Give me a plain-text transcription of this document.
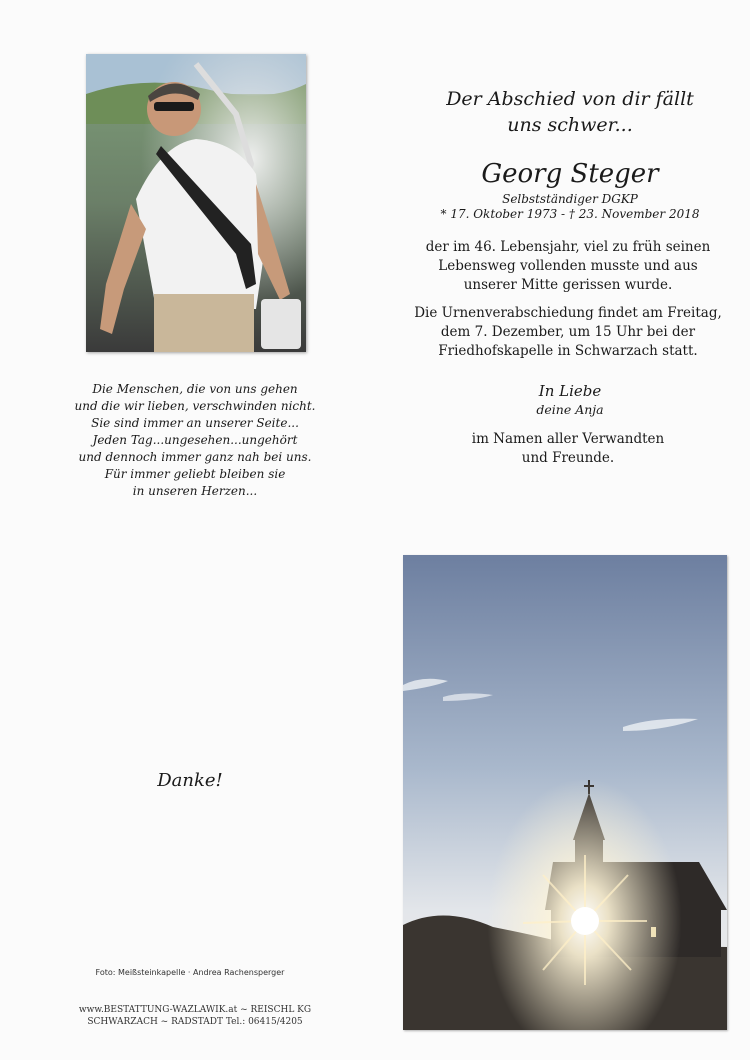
Der Abschied von dir fällt
uns schwer...
Georg Steger
Selbstständiger DGKP
* 17. Oktober 1973 - † 23. November 2018
der im 46. Lebensjahr, viel zu früh seinen
Lebensweg vollenden musste und aus
unserer Mitte gerissen wurde.
Die Urnenverabschiedung findet am Freitag,
dem 7. Dezember, um 15 Uhr bei der
Friedhofskapelle in Schwarzach statt.
In Liebe
deine Anja
im Namen aller Verwandten
und Freunde.
Die Menschen, die von uns gehen
und die wir lieben, verschwinden nicht.
Sie sind immer an unserer Seite...
Jeden Tag...ungesehen...ungehört
und dennoch immer ganz nah bei uns.
Für immer geliebt bleiben sie
in unseren Herzen...
Danke!
Foto: Meißsteinkapelle · Andrea Rachensperger
www.BESTATTUNG-WAZLAWIK.at ~ REISCHL KG
SCHWARZACH ~ RADSTADT Tel.: 06415/4205
